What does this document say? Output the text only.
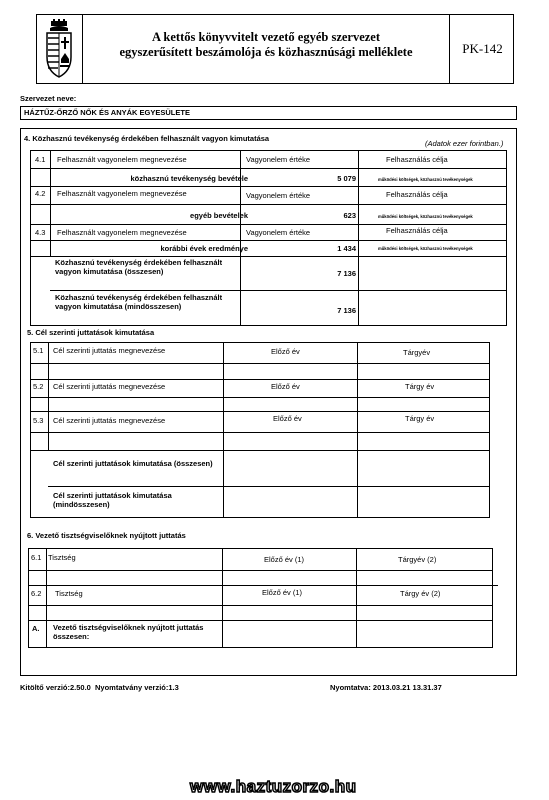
A kettős könyvvitelt vezető egyéb szervezet
egyszerűsített beszámolója és közhasznúsági melléklete	PK-142
Szervezet neve:
HÁZTŰZ-ŐRZŐ NŐK ÉS ANYÁK EGYESÜLETE
4. Közhasznú tevékenység érdekében felhasznált vagyon kimutatása
(Adatok ezer forintban.)
4.1 Felhasznált vagyonelem megnevezése	Vagyonelem értéke	Felhasználás célja
közhasznú tevékenység bevétele	5 079	működési költségek, közhasznú tevékenységek
4.2 Felhasznált vagyonelem megnevezése	Vagyonelem értéke	Felhasználás célja
egyéb bevételek	623	működési költségek, közhasznú tevékenységek
4.3 Felhasznált vagyonelem megnevezése	Vagyonelem értéke	Felhasználás célja
korábbi évek eredménye	1 434	működési költségek, közhasznú tevékenységek
Közhasznú tevékenység érdekében felhasznált vagyon kimutatása (összesen)	7 136
Közhasznú tevékenység érdekében felhasznált vagyon kimutatása (mindösszesen)	7 136
5. Cél szerinti juttatások kimutatása
5.1 Cél szerinti juttatás megnevezése	Előző év	Tárgyév
5.2 Cél szerinti juttatás megnevezése	Előző év	Tárgy év
5.3 Cél szerinti juttatás megnevezése	Előző év	Tárgy év
Cél szerinti juttatások kimutatása (összesen)
Cél szerinti juttatások kimutatása (mindösszesen)
6. Vezető tisztségviselőknek nyújtott juttatás
6.1 Tisztség	Előző év (1)	Tárgyév (2)
6.2 Tisztség	Előző év (1)	Tárgy év (2)
A. Vezető tisztségviselőknek nyújtott juttatás összesen:
Kitöltő verzió:2.50.0  Nyomtatvány verzió:1.3	Nyomtatva: 2013.03.21 13.31.37
www.haztuzorzo.hu
